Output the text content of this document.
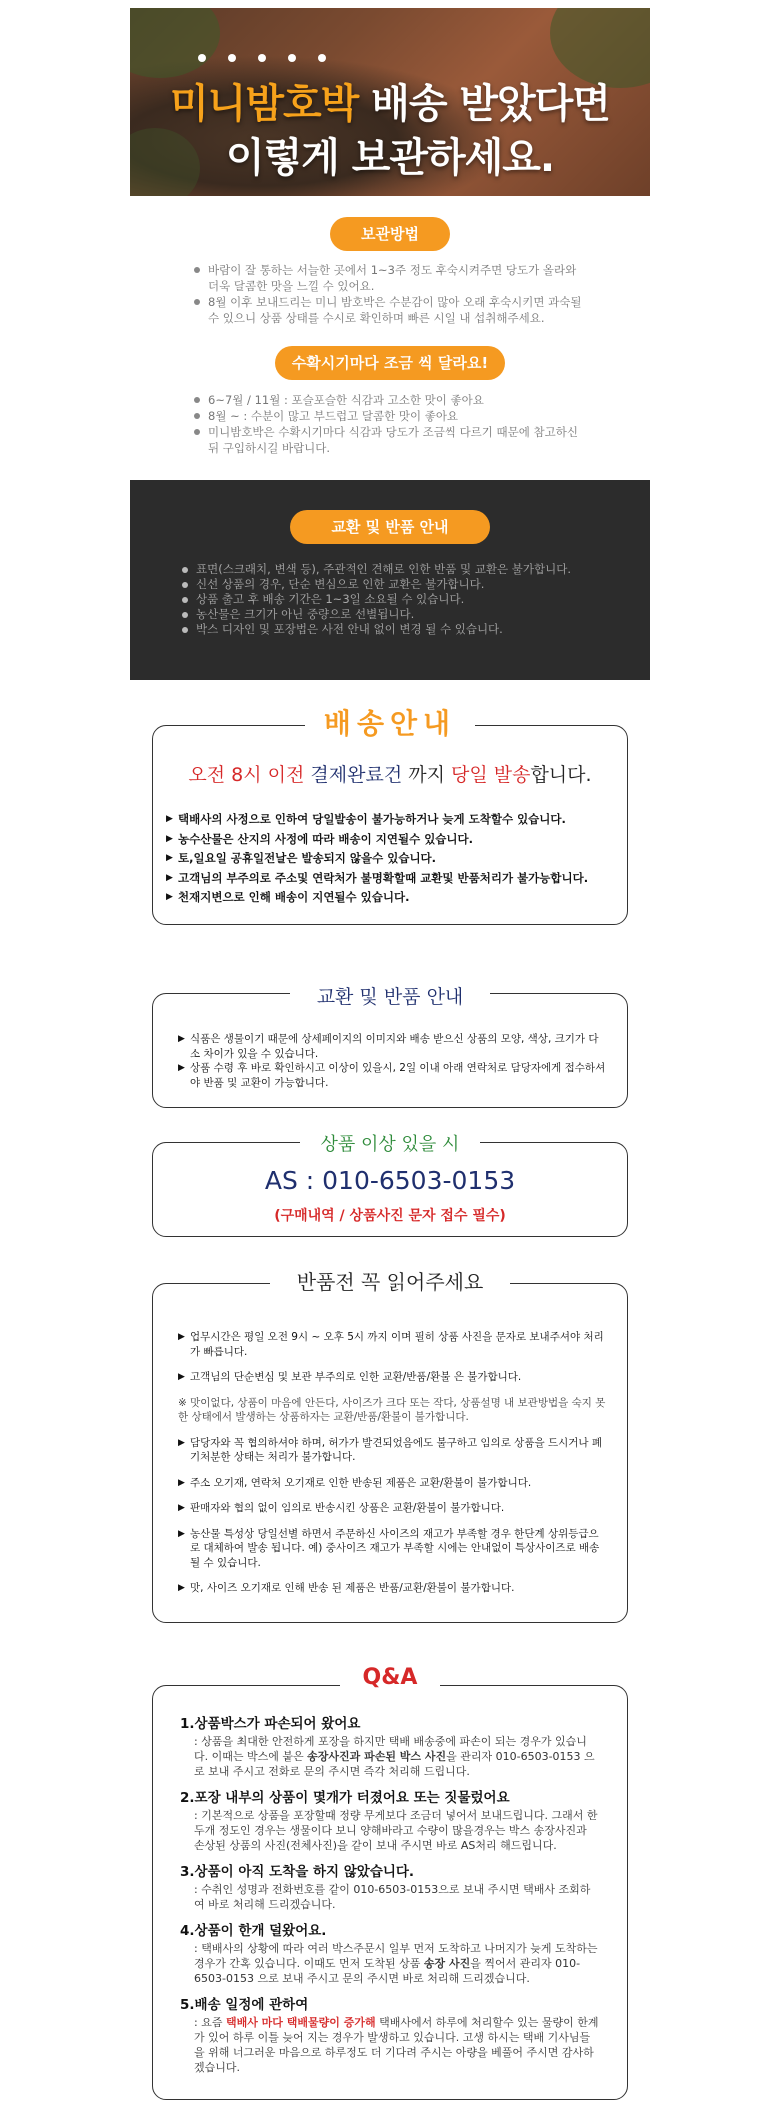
미니밤호박 배송 받았다면
이렇게 보관하세요.
보관방법
바람이 잘 통하는 서늘한 곳에서 1~3주 정도 후숙시켜주면 당도가 올라와 더욱 달콤한 맛을 느낄 수 있어요.
8월 이후 보내드리는 미니 밤호박은 수분감이 많아 오래 후숙시키면 과숙될 수 있으니 상품 상태를 수시로 확인하며 빠른 시일 내 섭취해주세요.
수확시기마다 조금 씩 달라요!
6~7월 / 11월 : 포슬포슬한 식감과 고소한 맛이 좋아요
8월 ~ : 수분이 많고 부드럽고 달콤한 맛이 좋아요
미니밤호박은 수확시기마다 식감과 당도가 조금씩 다르기 때문에 참고하신 뒤 구입하시길 바랍니다.
교환 및 반품 안내
표면(스크래치, 변색 등), 주관적인 견해로 인한 반품 및 교환은 불가합니다.
신선 상품의 경우, 단순 변심으로 인한 교환은 불가합니다.
상품 출고 후 배송 기간은 1~3일 소요될 수 있습니다.
농산물은 크기가 아닌 중량으로 선별됩니다.
박스 디자인 및 포장법은 사전 안내 없이 변경 될 수 있습니다.
배송안내
오전 8시 이전 결제완료건 까지 당일 발송합니다.

▶ 택배사의 사정으로 인하여 당일발송이 불가능하거나 늦게 도착할수 있습니다.

▶ 농수산물은 산지의 사정에 따라 배송이 지연될수 있습니다.

▶ 토,일요일 공휴일전날은 발송되지 않을수 있습니다.

▶ 고객님의 부주의로 주소및 연락처가 불명확할때 교환및 반품처리가 불가능합니다.

▶ 천재지변으로 인해 배송이 지연될수 있습니다.

교환 및 반품 안내

▶ 식품은 생물이기 때문에 상세페이지의 이미지와 배송 받으신 상품의 모양, 색상, 크기가 다소 차이가 있을 수 있습니다.

▶ 상품 수령 후 바로 확인하시고 이상이 있을시, 2일 이내 아래 연락처로 담당자에게 접수하셔야 반품 및 교환이 가능합니다.

상품 이상 있을 시
AS : 010-6503-0153
(구매내역 / 상품사진 문자 접수 필수)
반품전 꼭 읽어주세요

▶ 업무시간은 평일 오전 9시 ~ 오후 5시 까지 이며 필히 상품 사진을 문자로 보내주셔야 처리가 빠릅니다.

▶ 고객님의 단순변심 및 보관 부주의로 인한 교환/반품/환불 은 불가합니다.

※ 맛이없다, 상품이 마음에 안든다, 사이즈가 크다 또는 작다, 상품설명 내 보관방법을 숙지 못한 상태에서 발생하는 상품하자는 교환/반품/환불이 불가합니다.

▶ 담당자와 꼭 협의하셔야 하며, 허가가 발견되었음에도 불구하고 임의로 상품을 드시거나 폐기처분한 상태는 처리가 불가합니다.

▶ 주소 오기재, 연락처 오기재로 인한 반송된 제품은 교환/환불이 불가합니다.

▶ 판매자와 협의 없이 임의로 반송시킨 상품은 교환/환불이 불가합니다.

▶ 농산물 특성상 당일선별 하면서 주문하신 사이즈의 재고가 부족할 경우 한단계 상위등급으로 대체하여 발송 됩니다. 예) 중사이즈 재고가 부족할 시에는 안내없이 특상사이즈로 배송될 수 있습니다.

▶ 맛, 사이즈 오기재로 인해 반송 된 제품은 반품/교환/환불이 불가합니다.

Q&A
1.상품박스가 파손되어 왔어요
: 상품을 최대한 안전하게 포장을 하지만 택배 배송중에 파손이 되는 경우가 있습니다. 이때는 박스에 붙은 송장사진과 파손된 박스 사진을 관리자 010-6503-0153 으로 보내 주시고 전화로 문의 주시면 즉각 처리해 드립니다.
2.포장 내부의 상품이 몇개가 터졌어요 또는 짓물렀어요
: 기본적으로 상품을 포장할때 정량 무게보다 조금더 넣어서 보내드립니다. 그래서 한두개 정도인 경우는 생물이다 보니 양해바라고 수량이 많을경우는 박스 송장사진과 손상된 상품의 사진(전체사진)을 같이 보내 주시면 바로 AS처리 해드립니다.
3.상품이 아직 도착을 하지 않았습니다.
: 수취인 성명과 전화번호를 같이 010-6503-0153으로 보내 주시면 택배사 조회하여 바로 처리해 드리겠습니다.
4.상품이 한개 덜왔어요.
: 택배사의 상황에 따라 여러 박스주문시 일부 먼저 도착하고 나머지가 늦게 도착하는 경우가 간혹 있습니다. 이때도 먼저 도착된 상품 송장 사진을 찍어서 관리자 010-6503-0153 으로 보내 주시고 문의 주시면 바로 처리해 드리겠습니다.
5.배송 일정에 관하여
: 요즘 택배사 마다 택배물량이 증가해 택배사에서 하루에 처리할수 있는 물량이 한계가 있어 하루 이틀 늦어 지는 경우가 발생하고 있습니다. 고생 하시는 택배 기사님들을 위해 너그러운 마음으로 하루정도 더 기다려 주시는 아량을 베풀어 주시면 감사하겠습니다.
